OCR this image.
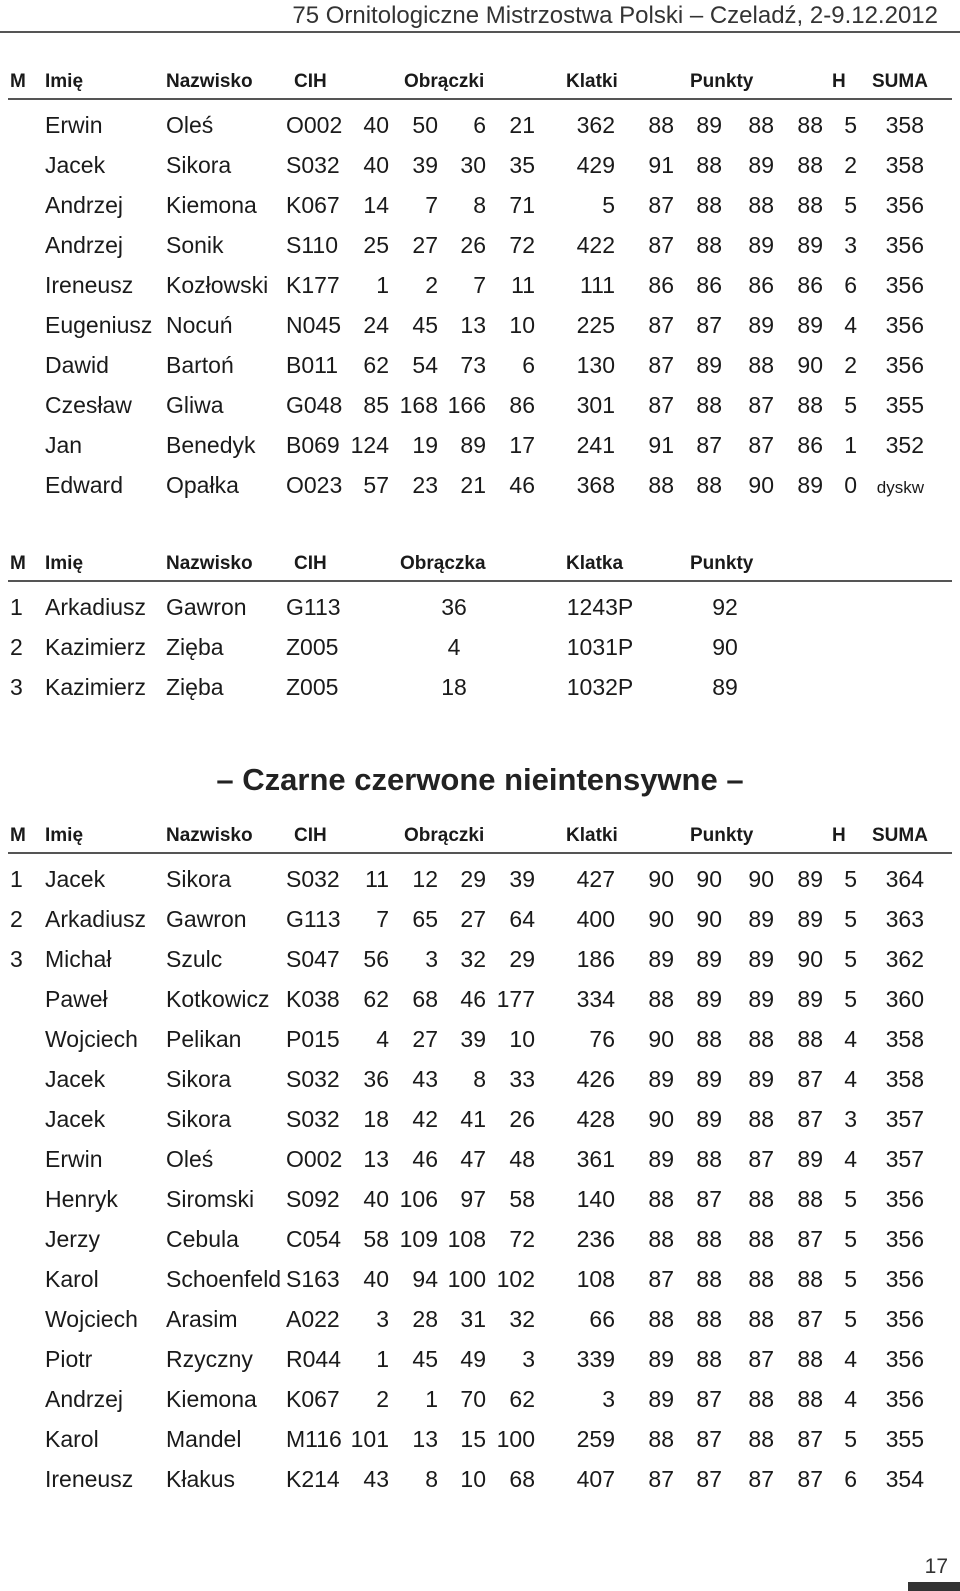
75 Ornitologiczne Mistrzostwa Polski – Czeladź, 2-9.12.2012
M Imię	Nazwisko CIH	Obrączki	Klatki	Punkty	H SUMA
Erwin	Oleś	O002 40 50 6 21 362 88 89 88 88 5 358
Jacek	Sikora S032 40 39 30 35 429 91 88 89 88 2 358
Andrzej Kiemona K067 14 7 8 71	5 87 88 88 88 5 356
Andrzej Sonik	S110 25 27 26 72 422 87 88 89 89 3 356
Ireneusz Kozłowski K177 1 2 7 11 111 86 86 86 86 6 356
Eugeniusz Nocuń N045 24 45 13 10 225 87 87 89 89 4 356
Dawid Bartoń B011 62 54 73 6 130 87 89 88 90 2 356
Czesław Gliwa	G048 85 168 166 86 301 87 88 87 88 5 355
Jan	Benedyk B069 124 19 89 17 241 91 87 87 86 1 352
Edward Opałka O023 57 23 21 46 368 88 88 90 89 0 dyskw
M Imię	Nazwisko CIH	Obrączka	Klatka	Punkty
1 Arkadiusz Gawron G113	36	1243P	92
2 Kazimierz Zięba	Z005	4	1031P	90
3 Kazimierz Zięba	Z005	18	1032P	89
– Czarne czerwone nieintensywne –
M Imię	Nazwisko CIH	Obrączki	Klatki	Punkty	H SUMA
1 Jacek	Sikora S032 11 12 29 39 427 90 90 90 89 5 364
2 Arkadiusz Gawron G113 7 65 27 64 400 90 90 89 89 5 363
3 Michał Szulc	S047 56 3 32 29 186 89 89 89 90 5 362
Paweł	Kotkowicz K038 62 68 46 177 334 88 89 89 89 5 360
Wojciech Pelikan P015 4 27 39 10 76 90 88 88 88 4 358
Jacek	Sikora S032 36 43 8 33 426 89 89 89 87 4 358
Jacek	Sikora S032 18 42 41 26 428 90 89 88 87 3 357
Erwin	Oleś	O002 13 46 47 48 361 89 88 87 89 4 357
Henryk Siromski S092 40 106 97 58 140 88 87 88 88 5 356
Jerzy	Cebula C054 58 109 108 72 236 88 88 88 87 5 356
Karol	Schoenfeld S163 40 94 100 102 108 87 88 88 88 5 356
Wojciech Arasim A022 3 28 31 32 66 88 88 88 87 5 356
Piotr	Rzyczny R044 1 45 49 3 339 89 88 87 88 4 356
Andrzej Kiemona K067 2 1 70 62	3 89 87 88 88 4 356
Karol	Mandel M116 101 13 15 100 259 88 87 88 87 5 355
Ireneusz Kłakus K214 43 8 10 68 407 87 87 87 87 6 354
17
